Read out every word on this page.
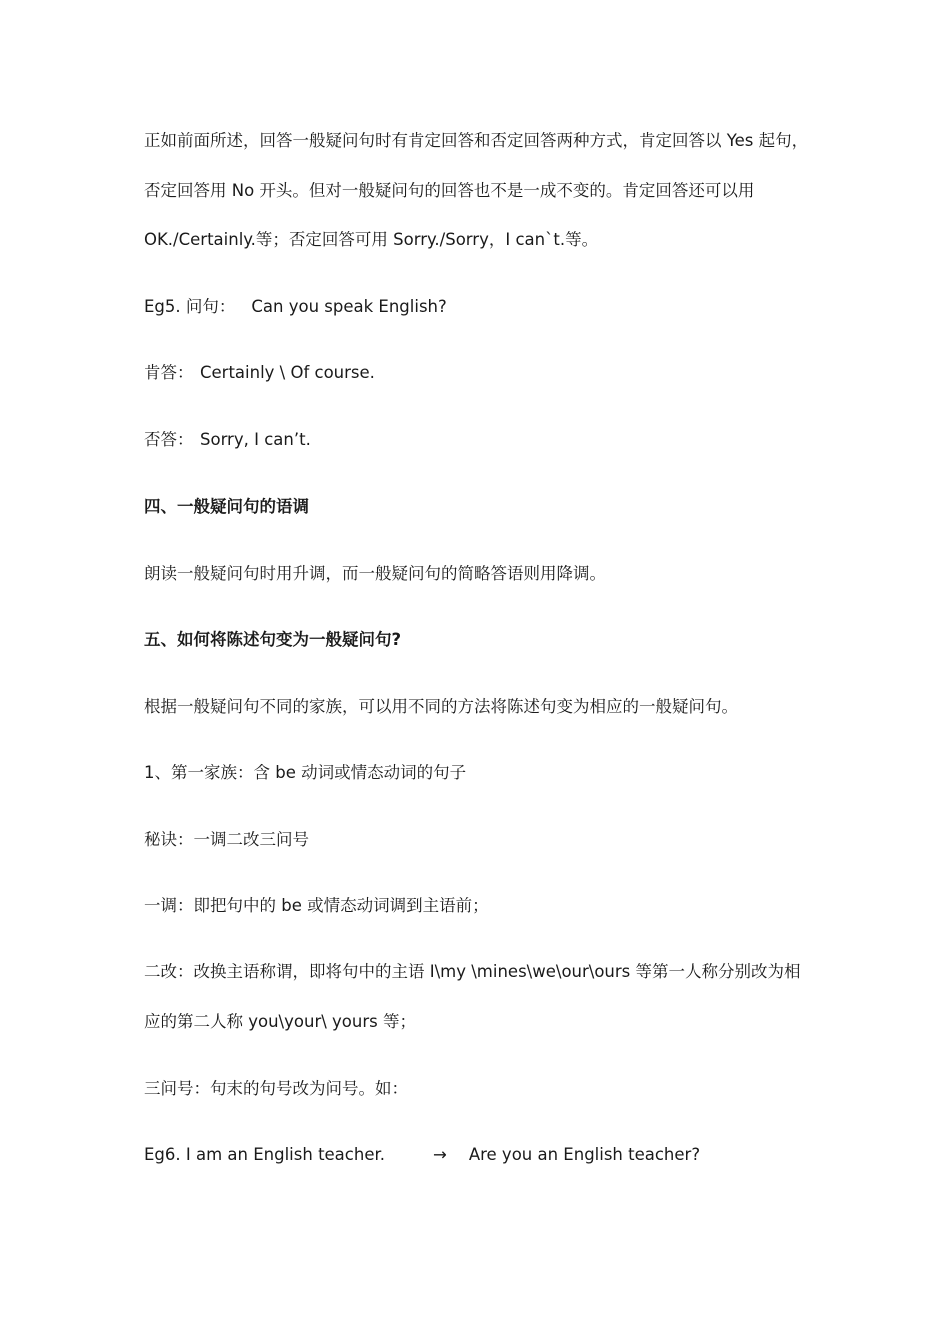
正如前面所述，回答一般疑问句时有肯定回答和否定回答两种方式，肯定回答以 Yes 起句，
否定回答用 No 开头。但对一般疑问句的回答也不是一成不变的。肯定回答还可以用
OK./Certainly.等；否定回答可用 Sorry./Sorry，I can`t.等。
Eg5. 问句： Can you speak English?
肯答： Certainly \ Of course.
否答： Sorry, I can’t.
四、一般疑问句的语调
朗读一般疑问句时用升调，而一般疑问句的简略答语则用降调。
五、如何将陈述句变为一般疑问句?
根据一般疑问句不同的家族，可以用不同的方法将陈述句变为相应的一般疑问句。
1、第一家族：含 be 动词或情态动词的句子
秘诀：一调二改三问号
一调：即把句中的 be 或情态动词调到主语前；
二改：改换主语称谓，即将句中的主语 I\my \mines\we\our\ours 等第一人称分别改为相
应的第二人称 you\your\ yours 等；
三问号：句末的句号改为问号。如：
Eg6. I am an English teacher.	→ Are you an English teacher?
